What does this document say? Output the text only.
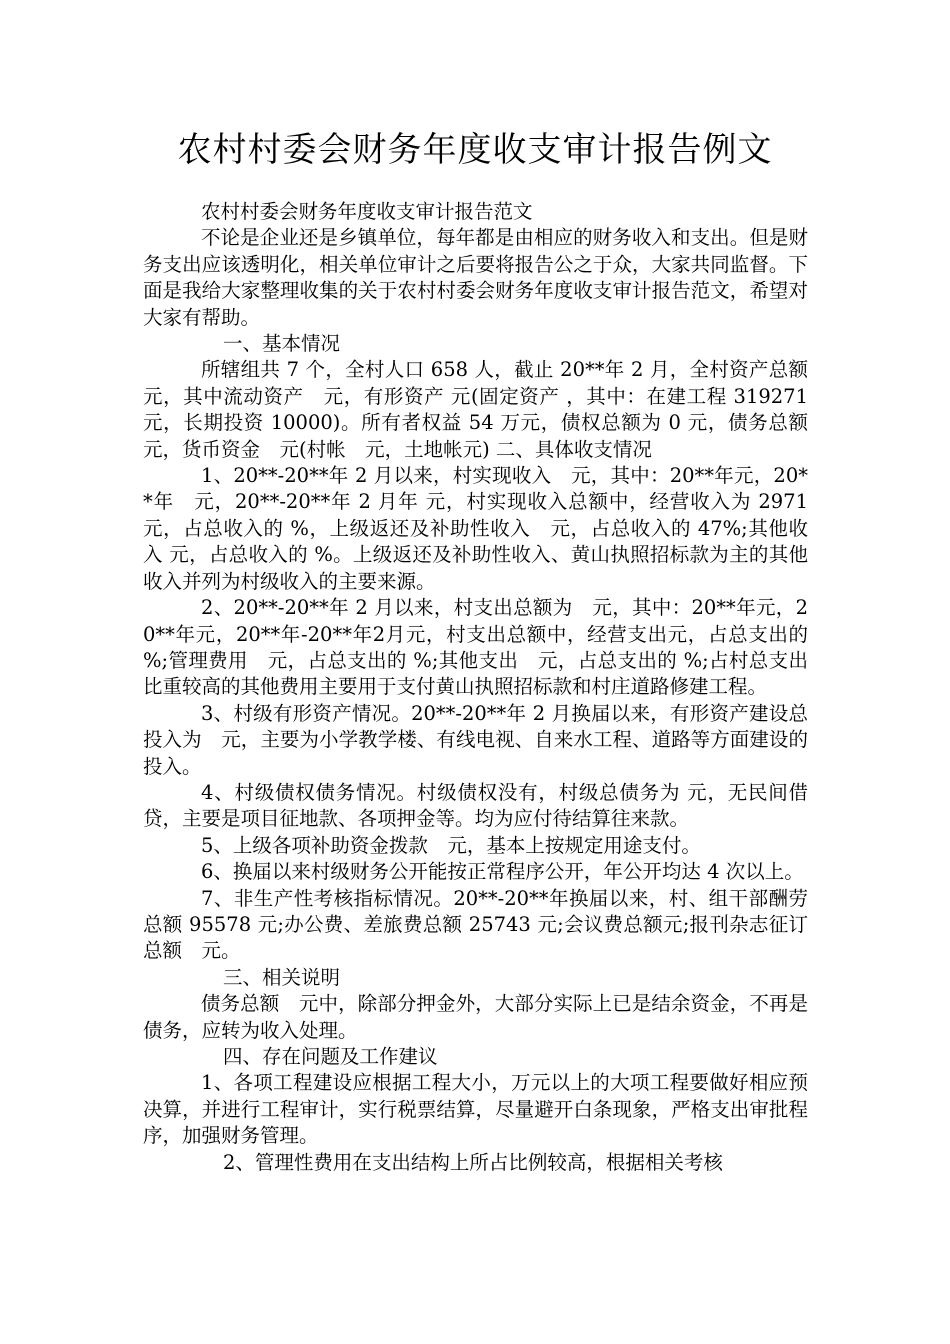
农村村委会财务年度收支审计报告例文

农村村委会财务年度收支审计报告范文

不论是企业还是乡镇单位，每年都是由相应的财务收入和支出。但是财务支出应该透明化，相关单位审计之后要将报告公之于众，大家共同监督。下面是我给大家整理收集的关于农村村委会财务年度收支审计报告范文，希望对大家有帮助。

一、基本情况

所辖组共 7 个，全村人口 658 人，截止 20**年 2 月，全村资产总额　元，其中流动资产　元，有形资产 元(固定资产 ，其中：在建工程 319271 元，长期投资 10000)。所有者权益 54 万元，债权总额为 0 元，债务总额　元，货币资金　元(村帐　元，土地帐元) 二、具体收支情况

1、20**-20**年 2 月以来，村实现收入　元，其中：20**年元，20**年　元，20**-20**年 2 月年 元，村实现收入总额中，经营收入为 2971 元，占总收入的 %，上级返还及补助性收入　元，占总收入的 47%;其他收入 元，占总收入的 %。上级返还及补助性收入、黄山执照招标款为主的其他收入并列为村级收入的主要来源。

2、20**-20**年 2 月以来，村支出总额为　元，其中：20**年元，20**年元，20**年-20**年2月元，村支出总额中，经营支出元，占总支出的 %;管理费用　元，占总支出的 %;其他支出　元，占总支出的 %;占村总支出比重较高的其他费用主要用于支付黄山执照招标款和村庄道路修建工程。

3、村级有形资产情况。20**-20**年 2 月换届以来，有形资产建设总投入为　元，主要为小学教学楼、有线电视、自来水工程、道路等方面建设的投入。

4、村级债权债务情况。村级债权没有，村级总债务为 元，无民间借贷，主要是项目征地款、各项押金等。均为应付待结算往来款。

5、上级各项补助资金拨款　元，基本上按规定用途支付。

6、换届以来村级财务公开能按正常程序公开，年公开均达 4 次以上。

7、非生产性考核指标情况。20**-20**年换届以来，村、组干部酬劳总额 95578 元;办公费、差旅费总额 25743 元;会议费总额元;报刊杂志征订总额　元。

三、相关说明

债务总额　元中，除部分押金外，大部分实际上已是结余资金，不再是债务，应转为收入处理。

四、存在问题及工作建议

1、各项工程建设应根据工程大小，万元以上的大项工程要做好相应预决算，并进行工程审计，实行税票结算，尽量避开白条现象，严格支出审批程序，加强财务管理。

2、管理性费用在支出结构上所占比例较高，根据相关考核
